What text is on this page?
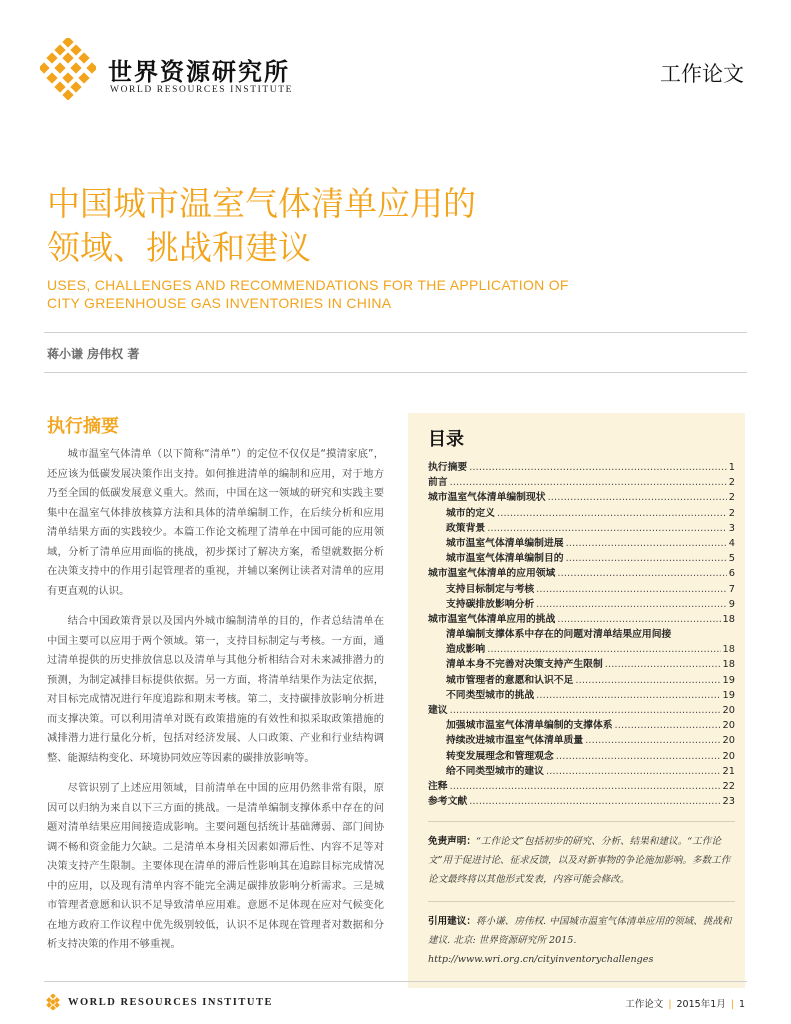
世界资源研究所
WORLD RESOURCES INSTITUTE
工作论文
中国城市温室气体清单应用的
领域、挑战和建议
USES, CHALLENGES AND RECOMMENDATIONS FOR THE APPLICATION OF
CITY GREENHOUSE GAS INVENTORIES IN CHINA
蒋小谦 房伟权 著
执行摘要

城市温室气体清单（以下简称“清单”）的定位不仅仅是“摸清家底”，还应该为低碳发展决策作出支持。如何推进清单的编制和应用，对于地方乃至全国的低碳发展意义重大。然而，中国在这一领域的研究和实践主要集中在温室气体排放核算方法和具体的清单编制工作，在后续分析和应用清单结果方面的实践较少。本篇工作论文梳理了清单在中国可能的应用领域，分析了清单应用面临的挑战，初步探讨了解决方案，希望就数据分析在决策支持中的作用引起管理者的重视，并辅以案例让读者对清单的应用有更直观的认识。

结合中国政策背景以及国内外城市编制清单的目的，作者总结清单在中国主要可以应用于两个领域。第一，支持目标制定与考核。一方面，通过清单提供的历史排放信息以及清单与其他分析相结合对未来减排潜力的预测，为制定减排目标提供依据。另一方面，将清单结果作为法定依据，对目标完成情况进行年度追踪和期末考核。第二，支持碳排放影响分析进而支撑决策。可以利用清单对既有政策措施的有效性和拟采取政策措施的减排潜力进行量化分析，包括对经济发展、人口政策、产业和行业结构调整、能源结构变化、环境协同效应等因素的碳排放影响等。

尽管识别了上述应用领域，目前清单在中国的应用仍然非常有限，原因可以归纳为来自以下三方面的挑战。一是清单编制支撑体系中存在的问题对清单结果应用间接造成影响。主要问题包括统计基础薄弱、部门间协调不畅和资金能力欠缺。二是清单本身相关因素如滞后性、内容不足等对决策支持产生限制。主要体现在清单的滞后性影响其在追踪目标完成情况中的应用，以及现有清单内容不能完全满足碳排放影响分析需求。三是城市管理者意愿和认识不足导致清单应用难。意愿不足体现在应对气候变化在地方政府工作议程中优先级别较低，认识不足体现在管理者对数据和分析支持决策的作用不够重视。

目录
执行摘要 . . .	1
前言 . . .	2
城市温室气体清单编制现状 . . .	2
城市的定义 . . .	2
政策背景 . . .	3
城市温室气体清单编制进展 . . .	4
城市温室气体清单编制目的 . . .	5
城市温室气体清单的应用领域 . . .	6
支持目标制定与考核 . . .	7
支持碳排放影响分析 . . .	9
城市温室气体清单应用的挑战 . . .	18
清单编制支撑体系中存在的问题对清单结果应用间接
造成影响 . . .	18
清单本身不完善对决策支持产生限制 . . .	18
城市管理者的意愿和认识不足 . . .	19
不同类型城市的挑战 . . .	19
建议 . . .	20
加强城市温室气体清单编制的支撑体系 . . .	20
持续改进城市温室气体清单质量 . . .	20
转变发展理念和管理观念 . . .	20
给不同类型城市的建议 . . .	21
注释 . . .	22
参考文献 . . .	23

免责声明：“工作论文”包括初步的研究、分析、结果和建议。“工作论文”用于促进讨论、征求反馈，以及对新事物的争论施加影响。多数工作论文最终将以其他形式发表，内容可能会修改。

引用建议：蒋小谦、房伟权. 中国城市温室气体清单应用的领域、挑战和建议. 北京: 世界资源研究所 2015. http://www.wri.org.cn/cityinventorychallenges

WORLD RESOURCES INSTITUTE	工作论文 | 2015年1月 | 1
